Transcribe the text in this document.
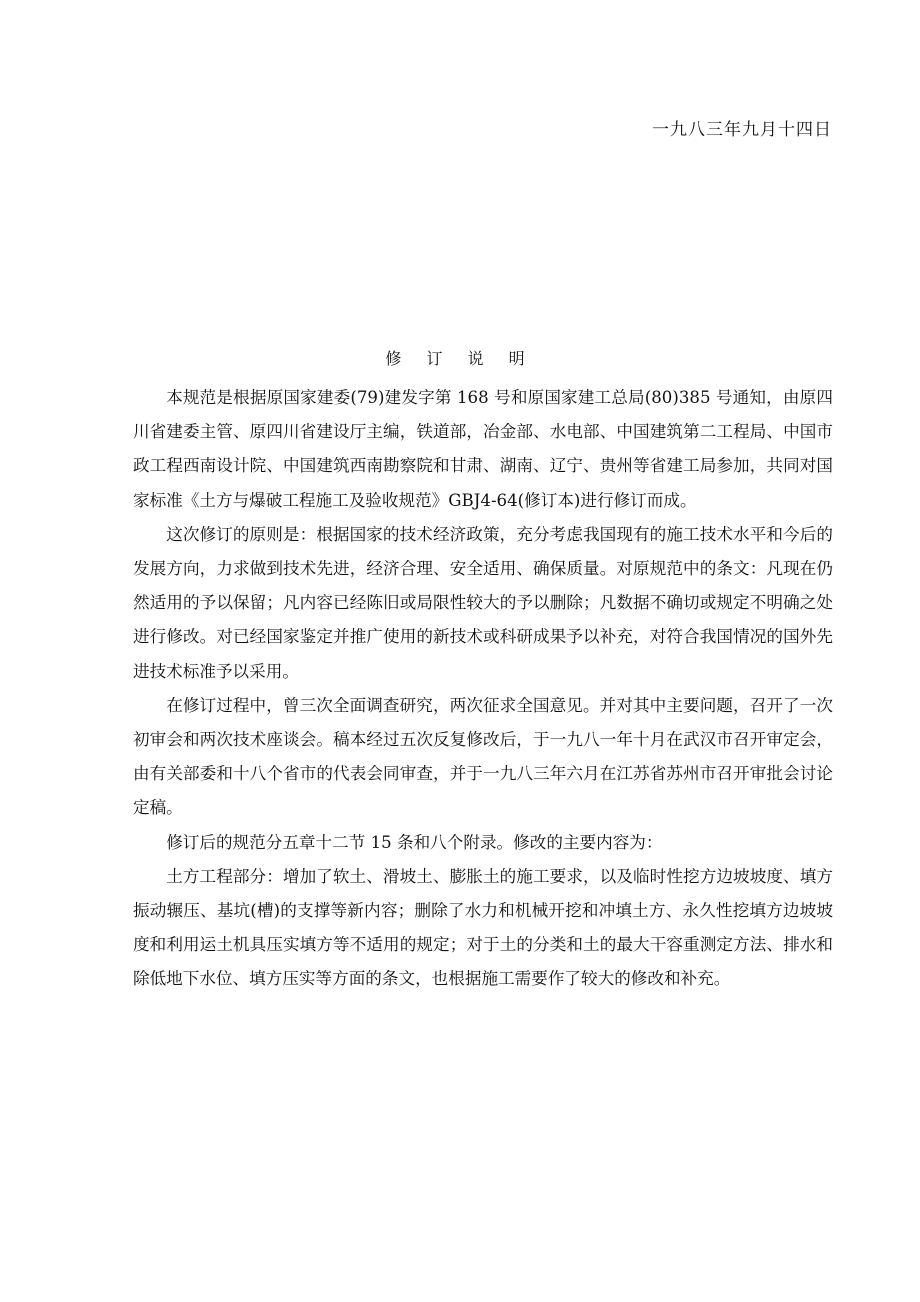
一九八三年九月十四日
修 订 说 明

本规范是根据原国家建委(79)建发字第 168 号和原国家建工总局(80)385 号通知，由原四川省建委主管、原四川省建设厅主编，铁道部，冶金部、水电部、中国建筑第二工程局、中国市政工程西南设计院、中国建筑西南勘察院和甘肃、湖南、辽宁、贵州等省建工局参加，共同对国家标准《土方与爆破工程施工及验收规范》GBJ4-64(修订本)进行修订而成。

这次修订的原则是：根据国家的技术经济政策，充分考虑我国现有的施工技术水平和今后的发展方向，力求做到技术先进，经济合理、安全适用、确保质量。对原规范中的条文：凡现在仍然适用的予以保留；凡内容已经陈旧或局限性较大的予以删除；凡数据不确切或规定不明确之处进行修改。对已经国家鉴定并推广使用的新技术或科研成果予以补充，对符合我国情况的国外先进技术标准予以采用。

在修订过程中，曾三次全面调查研究，两次征求全国意见。并对其中主要问题，召开了一次初审会和两次技术座谈会。稿本经过五次反复修改后，于一九八一年十月在武汉市召开审定会，由有关部委和十八个省市的代表会同审查，并于一九八三年六月在江苏省苏州市召开审批会讨论定稿。

修订后的规范分五章十二节 15 条和八个附录。修改的主要内容为：

土方工程部分：增加了软土、滑坡土、膨胀土的施工要求，以及临时性挖方边坡坡度、填方振动辗压、基坑(槽)的支撑等新内容；删除了水力和机械开挖和冲填土方、永久性挖填方边坡坡度和利用运土机具压实填方等不适用的规定；对于土的分类和土的最大干容重测定方法、排水和除低地下水位、填方压实等方面的条文，也根据施工需要作了较大的修改和补充。
